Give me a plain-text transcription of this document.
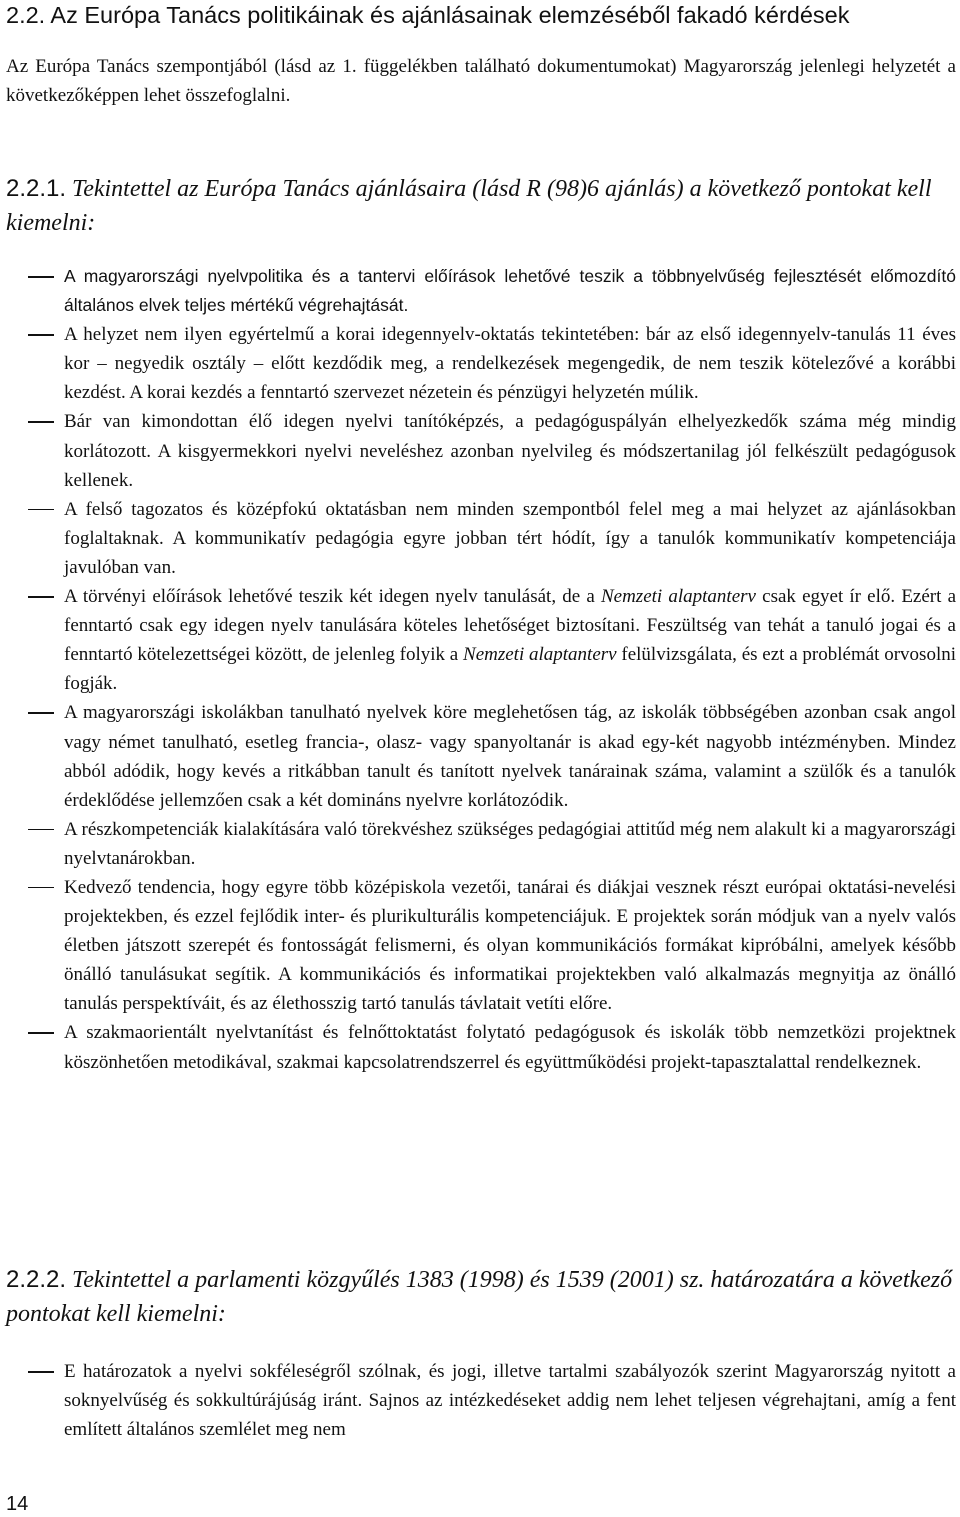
2.2. Az Európa Tanács politikáinak és ajánlásainak elemzéséből fakadó kérdések

Az Európa Tanács szempontjából (lásd az 1. függelékben található dokumentumokat) Magyarország jelenlegi helyzetét a következőképpen lehet összefoglalni.

2.2.1. Tekintettel az Európa Tanács ajánlásaira (lásd R (98)6 ajánlás) a következő pontokat kell kiemelni:
A magyarországi nyelvpolitika és a tantervi előírások lehetővé teszik a többnyelvűség fejlesztését előmozdító általános elvek teljes mértékű végrehajtását.
A helyzet nem ilyen egyértelmű a korai idegennyelv-oktatás tekintetében: bár az első idegennyelv-tanulás 11 éves kor – negyedik osztály – előtt kezdődik meg, a rendelkezések megengedik, de nem teszik kötelezővé a korábbi kezdést. A korai kezdés a fenntartó szervezet nézetein és pénzügyi helyzetén múlik.
Bár van kimondottan élő idegen nyelvi tanítóképzés, a pedagóguspályán elhelyezkedők száma még mindig korlátozott. A kisgyermekkori nyelvi neveléshez azonban nyelvileg és módszertanilag jól felkészült pedagógusok kellenek.
A felső tagozatos és középfokú oktatásban nem minden szempontból felel meg a mai helyzet az ajánlásokban foglaltaknak. A kommunikatív pedagógia egyre jobban tért hódít, így a tanulók kommunikatív kompetenciája javulóban van.
A törvényi előírások lehetővé teszik két idegen nyelv tanulását, de a Nemzeti alaptanterv csak egyet ír elő. Ezért a fenntartó csak egy idegen nyelv tanulására köteles lehetőséget biztosítani. Feszültség van tehát a tanuló jogai és a fenntartó kötelezettségei között, de jelenleg folyik a Nemzeti alaptanterv felülvizsgálata, és ezt a problémát orvosolni fogják.
A magyarországi iskolákban tanulható nyelvek köre meglehetősen tág, az iskolák többségében azonban csak angol vagy német tanulható, esetleg francia-, olasz- vagy spanyoltanár is akad egy-két nagyobb intézményben. Mindez abból adódik, hogy kevés a ritkábban tanult és tanított nyelvek tanárainak száma, valamint a szülők és a tanulók érdeklődése jellemzően csak a két domináns nyelvre korlátozódik.
A részkompetenciák kialakítására való törekvéshez szükséges pedagógiai attitűd még nem alakult ki a magyarországi nyelvtanárokban.
Kedvező tendencia, hogy egyre több középiskola vezetői, tanárai és diákjai vesznek részt európai oktatási-nevelési projektekben, és ezzel fejlődik inter- és plurikulturális kompetenciájuk. E projektek során módjuk van a nyelv valós életben játszott szerepét és fontosságát felismerni, és olyan kommunikációs formákat kipróbálni, amelyek később önálló tanulásukat segítik. A kommunikációs és informatikai projektekben való alkalmazás megnyitja az önálló tanulás perspektíváit, és az élethosszig tartó tanulás távlatait vetíti előre.
A szakmaorientált nyelvtanítást és felnőttoktatást folytató pedagógusok és iskolák több nemzetközi projektnek köszönhetően metodikával, szakmai kapcsolatrendszerrel és együttműködési projekt-tapasztalattal rendelkeznek.
2.2.2. Tekintettel a parlamenti közgyűlés 1383 (1998) és 1539 (2001) sz. határozatára a következő pontokat kell kiemelni:
E határozatok a nyelvi sokféleségről szólnak, és jogi, illetve tartalmi szabályozók szerint Magyarország nyitott a soknyelvűség és sokkultúrájúság iránt. Sajnos az intézkedéseket addig nem lehet teljesen végrehajtani, amíg a fent említett általános szemlélet meg nem

14
